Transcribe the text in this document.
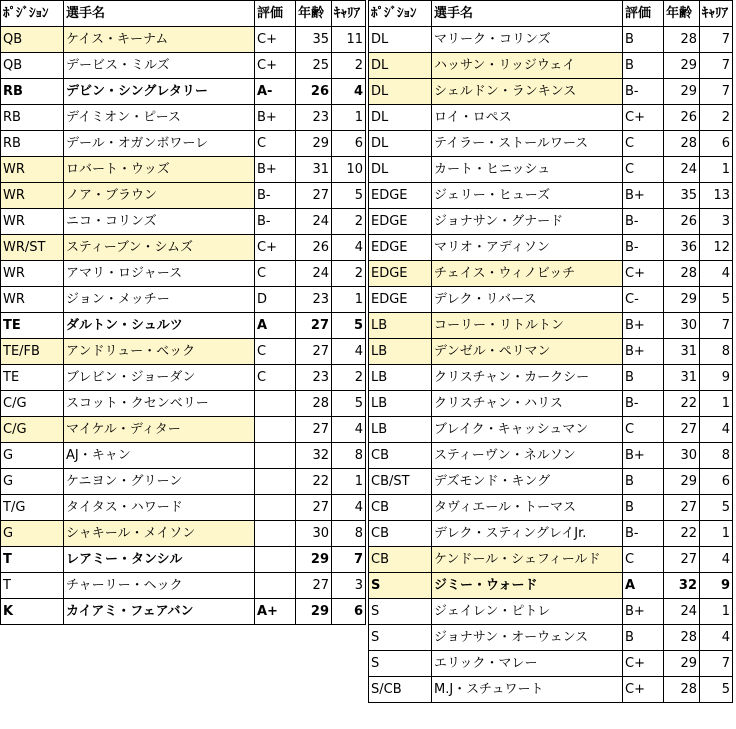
ﾎﾟｼﾞｼｮﾝ	選手名	評価	年齢	ｷｬﾘｱ
QB	ケイス・キーナム	C+	35	11
QB	デービス・ミルズ	C+	25	2
RB	デビン・シングレタリー	A-	26	4
RB	デイミオン・ピース	B+	23	1
RB	デール・オガンボワーレ	C	29	6
WR	ロバート・ウッズ	B+	31	10
WR	ノア・ブラウン	B-	27	5
WR	ニコ・コリンズ	B-	24	2
WR/ST	スティーブン・シムズ	C+	26	4
WR	アマリ・ロジャース	C	24	2
WR	ジョン・メッチー	D	23	1
TE	ダルトン・シュルツ	A	27	5
TE/FB	アンドリュー・ベック	C	27	4
TE	ブレビン・ジョーダン	C	23	2
C/G	スコット・クセンベリー		28	5
C/G	マイケル・ディター		27	4
G	AJ・キャン		32	8
G	ケニヨン・グリーン		22	1
T/G	タイタス・ハワード		27	4
G	シャキール・メイソン		30	8
T	レアミー・タンシル		29	7
T	チャーリー・ヘック		27	3
K	カイアミ・フェアバン	A+	29	6
ﾎﾟｼﾞｼｮﾝ	選手名	評価	年齢	ｷｬﾘｱ
DL	マリーク・コリンズ	B	28	7
DL	ハッサン・リッジウェイ	B	29	7
DL	シェルドン・ランキンス	B-	29	7
DL	ロイ・ロペス	C+	26	2
DL	テイラー・ストールワース	C	28	6
DL	カート・ヒニッシュ	C	24	1
EDGE	ジェリー・ヒューズ	B+	35	13
EDGE	ジョナサン・グナード	B-	26	3
EDGE	マリオ・アディソン	B-	36	12
EDGE	チェイス・ウィノビッチ	C+	28	4
EDGE	デレク・リバース	C-	29	5
LB	コーリー・リトルトン	B+	30	7
LB	デンゼル・ペリマン	B+	31	8
LB	クリスチャン・カークシー	B	31	9
LB	クリスチャン・ハリス	B-	22	1
LB	ブレイク・キャッシュマン	C	27	4
CB	スティーヴン・ネルソン	B+	30	8
CB/ST	デズモンド・キング	B	29	6
CB	タヴィエール・トーマス	B	27	5
CB	デレク・スティングレイJr.	B-	22	1
CB	ケンドール・シェフィールド	C	27	4
S	ジミー・ウォード	A	32	9
S	ジェイレン・ピトレ	B+	24	1
S	ジョナサン・オーウェンス	B	28	4
S	エリック・マレー	C+	29	7
S/CB	M.J・スチュワート	C+	28	5
